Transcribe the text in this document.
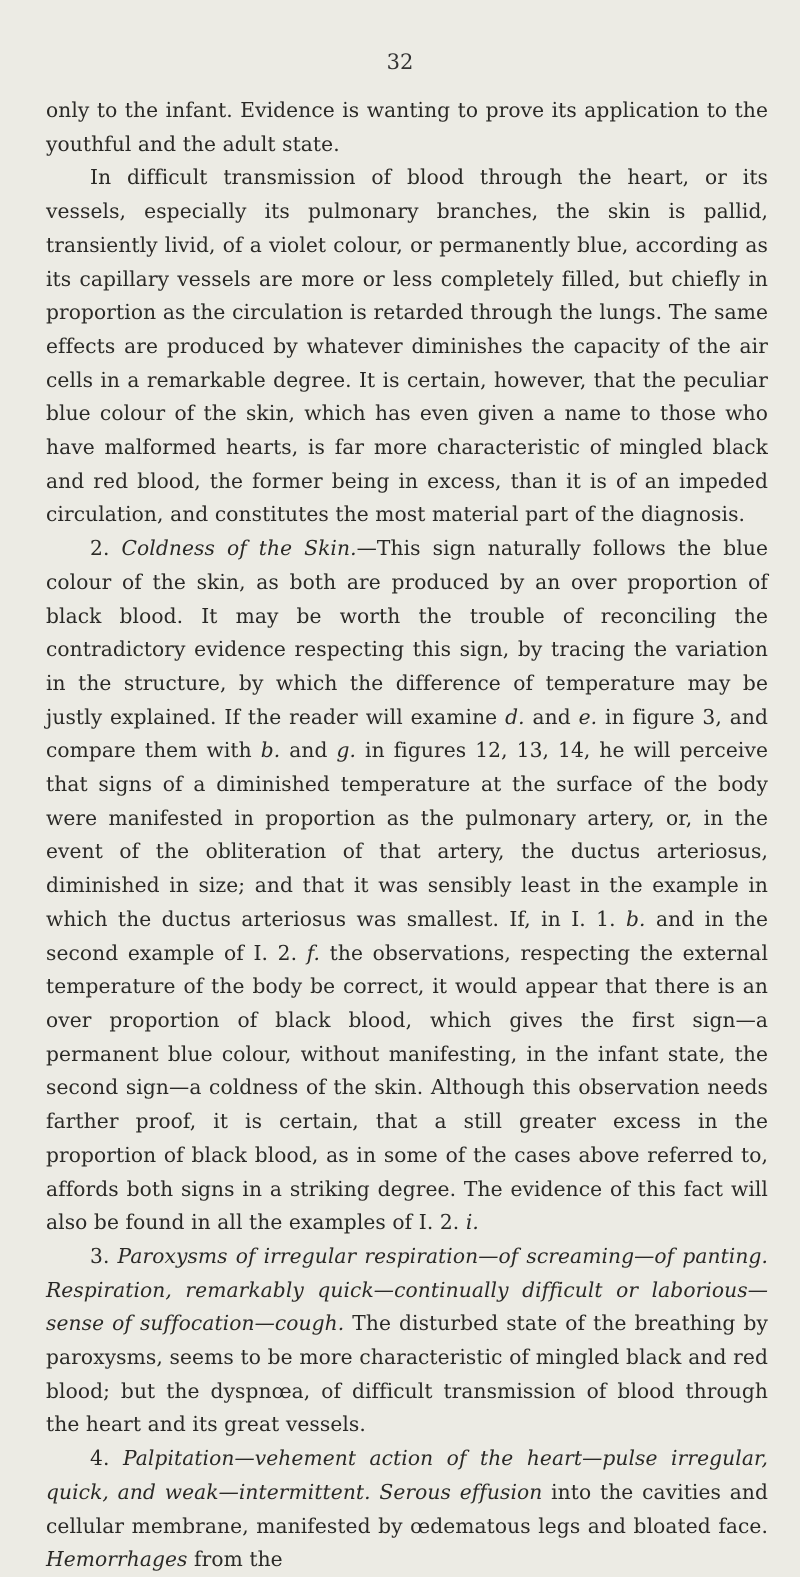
32

only to the infant. Evidence is wanting to prove its application to the youthful and the adult state.

In difficult transmission of blood through the heart, or its vessels, especially its pulmonary branches, the skin is pallid, transiently livid, of a violet colour, or permanently blue, according as its capillary vessels are more or less completely filled, but chiefly in proportion as the circulation is retarded through the lungs. The same effects are produced by whatever diminishes the capacity of the air cells in a remarkable degree. It is certain, however, that the peculiar blue colour of the skin, which has even given a name to those who have malformed hearts, is far more characteristic of mingled black and red blood, the former being in excess, than it is of an impeded circulation, and constitutes the most material part of the diagnosis.

2. Coldness of the Skin.—This sign naturally follows the blue colour of the skin, as both are produced by an over proportion of black blood. It may be worth the trouble of reconciling the contradictory evidence respecting this sign, by tracing the variation in the structure, by which the difference of temperature may be justly explained. If the reader will examine d. and e. in figure 3, and compare them with b. and g. in figures 12, 13, 14, he will perceive that signs of a diminished temperature at the surface of the body were manifested in proportion as the pulmonary artery, or, in the event of the obliteration of that artery, the ductus arteriosus, diminished in size; and that it was sensibly least in the example in which the ductus arteriosus was smallest. If, in I. 1. b. and in the second example of I. 2. f. the observations, respecting the external temperature of the body be correct, it would appear that there is an over proportion of black blood, which gives the first sign—a permanent blue colour, without manifesting, in the infant state, the second sign—a coldness of the skin. Although this observation needs farther proof, it is certain, that a still greater excess in the proportion of black blood, as in some of the cases above referred to, affords both signs in a striking degree. The evidence of this fact will also be found in all the examples of I. 2. i.

3. Paroxysms of irregular respiration—of screaming—of panting. Respiration, remarkably quick—continually difficult or laborious—sense of suffocation—cough. The disturbed state of the breathing by paroxysms, seems to be more characteristic of mingled black and red blood; but the dyspnœa, of difficult transmission of blood through the heart and its great vessels.

4. Palpitation—vehement action of the heart—pulse irregular, quick, and weak—intermittent. Serous effusion into the cavities and cellular membrane, manifested by œdematous legs and bloated face. Hemorrhages from the
